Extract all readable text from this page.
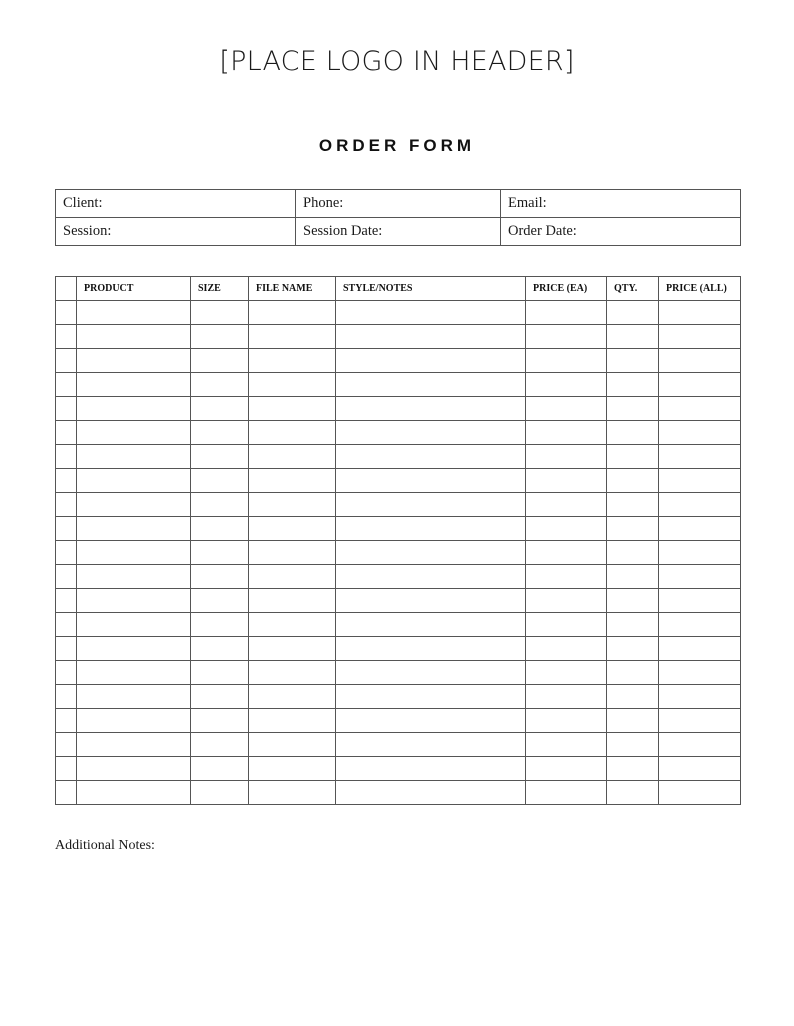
[PLACE LOGO IN HEADER]
ORDER FORM
Client:	Phone:	Email:
Session:	Session Date:	Order Date:
	PRODUCT	SIZE	FILE NAME	STYLE/NOTES	PRICE (EA)	QTY.	PRICE (ALL)

Additional Notes:
